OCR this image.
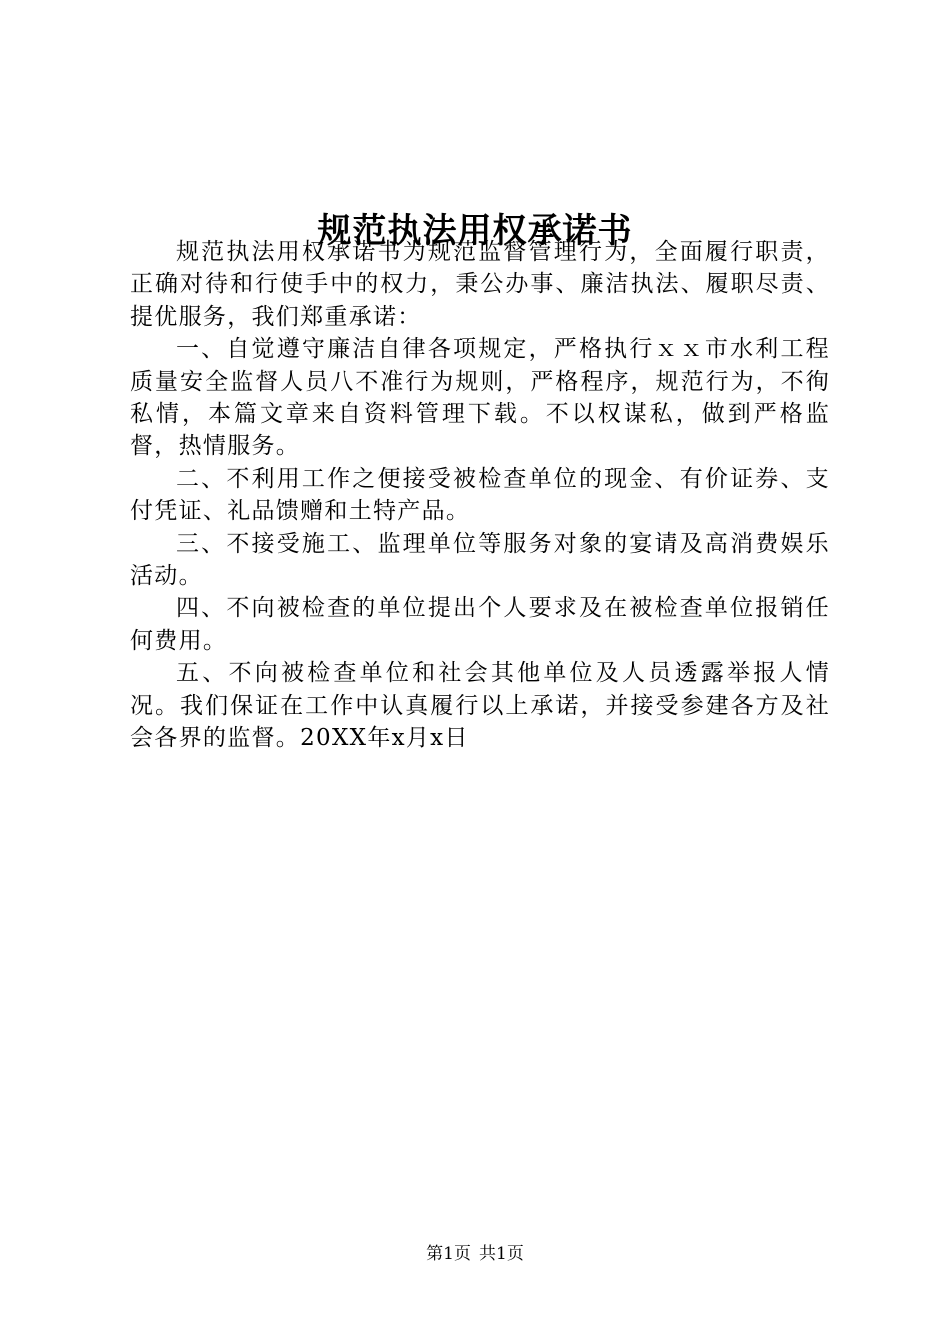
规范执法用权承诺书

规范执法用权承诺书为规范监督管理行为，全面履行职责，正确对待和行使手中的权力，秉公办事、廉洁执法、履职尽责、提优服务，我们郑重承诺：

一、自觉遵守廉洁自律各项规定，严格执行ｘｘ市水利工程质量安全监督人员八不准行为规则，严格程序，规范行为，不徇私情，本篇文章来自资料管理下载。不以权谋私，做到严格监督，热情服务。

二、不利用工作之便接受被检查单位的现金、有价证券、支付凭证、礼品馈赠和土特产品。

三、不接受施工、监理单位等服务对象的宴请及高消费娱乐活动。

四、不向被检查的单位提出个人要求及在被检查单位报销任何费用。

五、不向被检查单位和社会其他单位及人员透露举报人情况。我们保证在工作中认真履行以上承诺，并接受参建各方及社会各界的监督。20XX年x月x日

第1页 共1页
